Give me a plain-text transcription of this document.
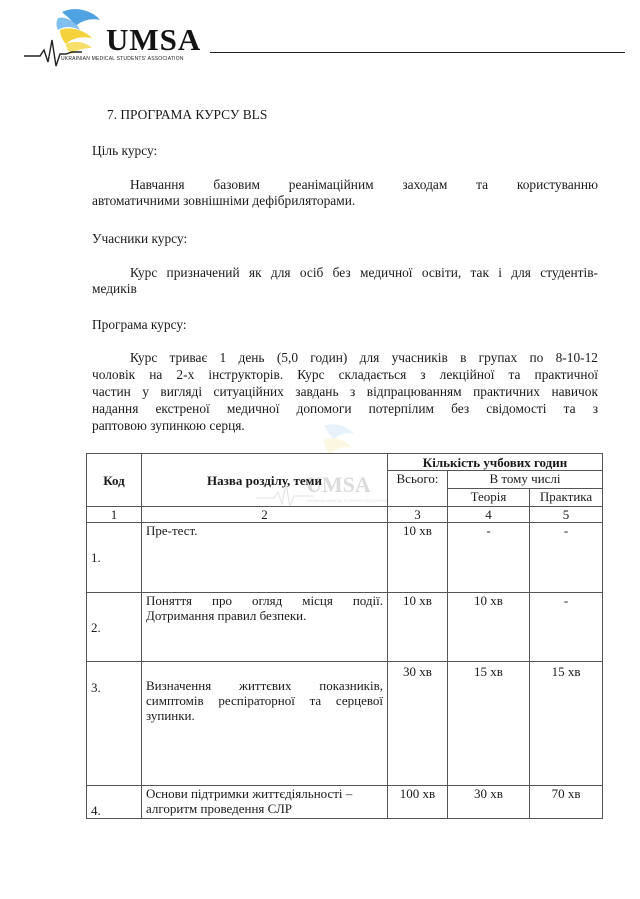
UMSA
UKRAINIAN MEDICAL STUDENTS' ASSOCIATION
7. ПРОГРАМА КУРСУ BLS
Ціль курсу:
Навчання базовим реанімаційним заходам та користуванню
автоматичними зовнішніми дефібриляторами.
Учасники курсу:
Курс призначений як для осіб без медичної освіти, так і для студентів-
медиків
Програма курсу:
Курс триває 1 день (5,0 годин) для учасників в групах по 8-10-12
чоловік на 2-х інструкторів. Курс складається з лекційної та практичної
частин у вигляді ситуаційних завдань з відпрацюванням практичних навичок
надання екстреної медичної допомоги потерпілим без свідомості та з
раптовою зупинкою серця.
UMSA
UKRAINIAN MEDICAL STUDENTS' ASSOCIATION
Код	Назва розділу, теми	Кількість учбових годин		
		Всього:	В тому числі	
			Теорія	Практика
1	2	3	4	5
1.	Пре-тест.	10 хв	-	-
2.	Поняття про огляд місця події. Дотримання правил безпеки.	10 хв	10 хв	-
3.	Визначення життєвих показників, симптомів респіраторної та серцевої зупинки.	30 хв	15 хв	15 хв
4.	Основи підтримки життєдіяльності – алгоритм проведення СЛР	100 хв	30 хв	70 хв
